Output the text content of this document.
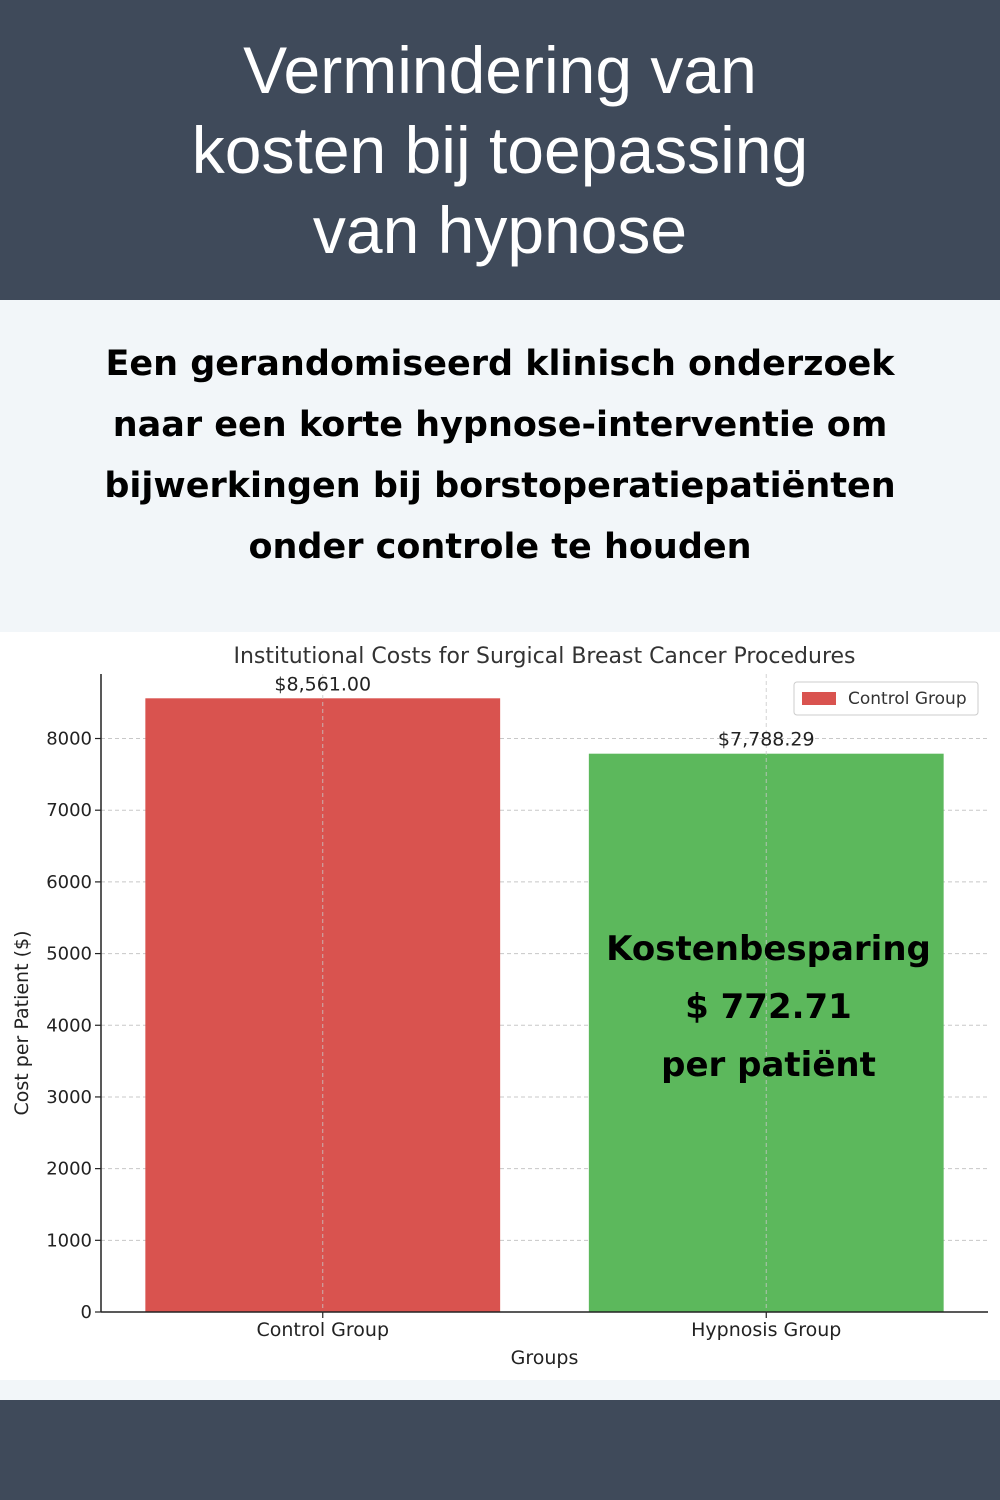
Vermindering van
kosten bij toepassing
van hypnose
Een gerandomiseerd klinisch onderzoek
naar een korte hypnose-interventie om
bijwerkingen bij borstoperatiepatiënten
onder controle te houden
0
1000
2000
3000
4000
5000
6000
7000
8000
$8,561.00
$7,788.29
Control Group	Hypnosis Group
Institutional Costs for Surgical Breast Cancer Procedures
Groups
Cost per Patient ($)
Control Group
Kostenbesparing
$ 772.71
per patiënt
